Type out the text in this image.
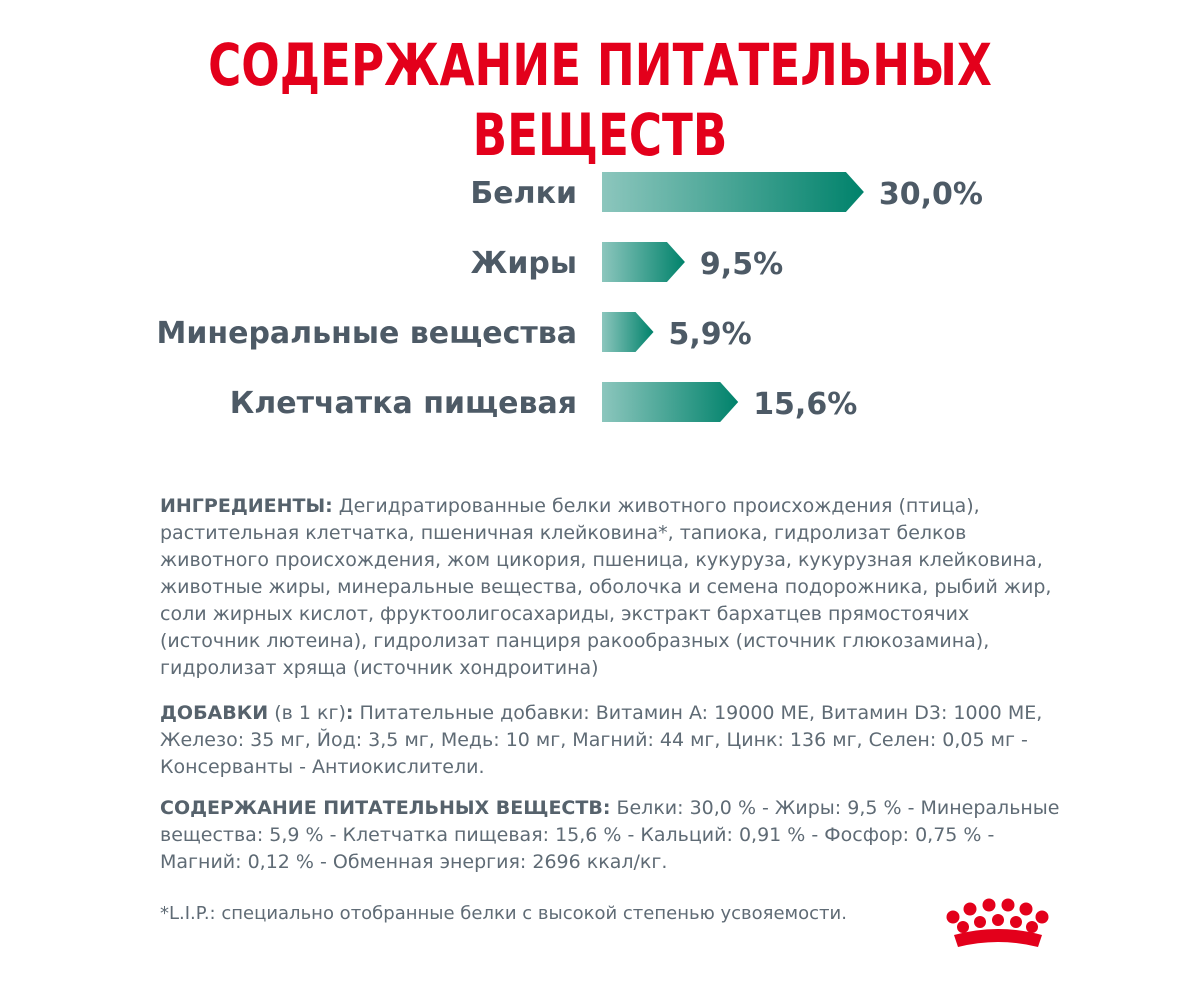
СОДЕРЖАНИЕ ПИТАТЕЛЬНЫХ ВЕЩЕСТВ
Белки	30,0%
Жиры	9,5%
Минеральные вещества	5,9%
Клетчатка пищевая	15,6%
ИНГРЕДИЕНТЫ: Дегидратированные белки животного происхождения (птица), растительная клетчатка, пшеничная клейковина*, тапиока, гидролизат белков животного происхождения, жом цикория, пшеница, кукуруза, кукурузная клейковина, животные жиры, минеральные вещества, оболочка и семена подорожника, рыбий жир, соли жирных кислот, фруктоолигосахариды, экстракт бархатцев прямостоячих (источник лютеина), гидролизат панциря ракообразных (источник глюкозамина), гидролизат хряща (источник хондроитина)
ДОБАВКИ (в 1 кг): Питательные добавки: Витамин A: 19000 МЕ, Витамин D3: 1000 МЕ, Железо: 35 мг, Йод: 3,5 мг, Медь: 10 мг, Магний: 44 мг, Цинк: 136 мг, Селен: 0,05 мг - Консерванты - Антиокислители.
СОДЕРЖАНИЕ ПИТАТЕЛЬНЫХ ВЕЩЕСТВ: Белки: 30,0 % - Жиры: 9,5 % - Минеральные вещества: 5,9 % - Клетчатка пищевая: 15,6 % - Кальций: 0,91 % - Фосфор: 0,75 % - Магний: 0,12 % - Обменная энергия: 2696 ккал/кг.
*L.I.P.: специально отобранные белки с высокой степенью усвояемости.
